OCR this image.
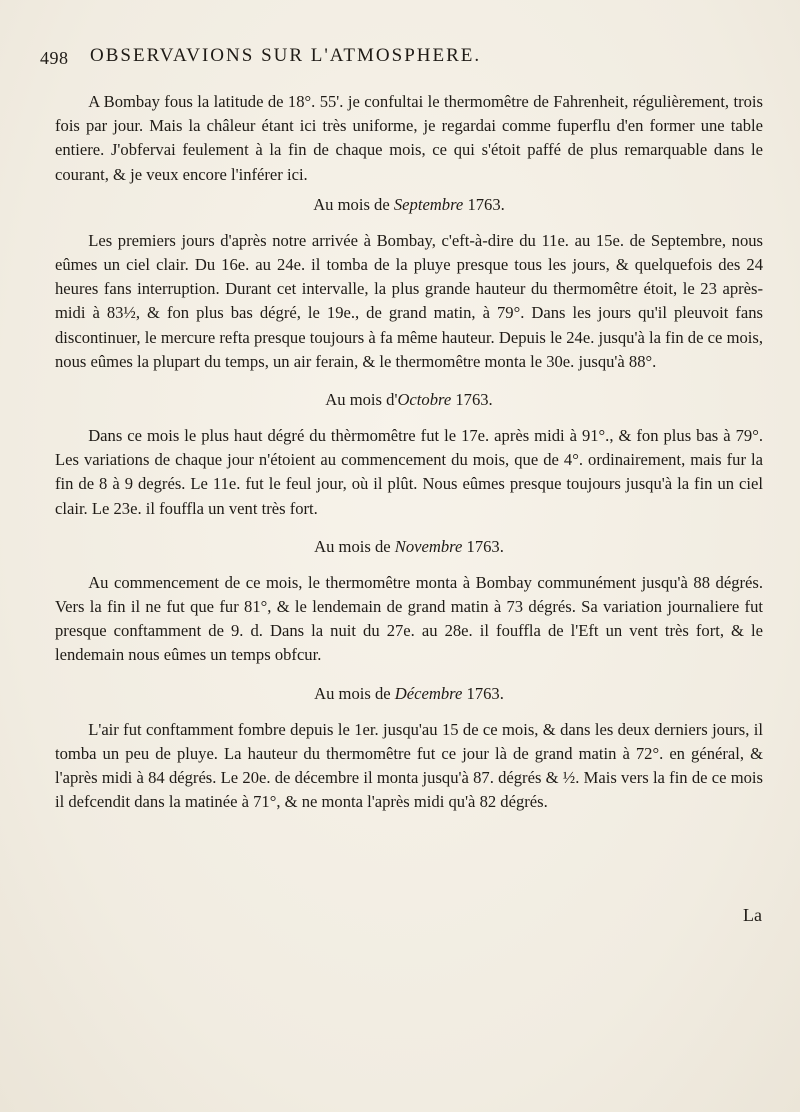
498 OBSERVAVIONS SUR L'ATMOSPHERE.

A Bombay fous la latitude de 18°. 55'. je confultai le thermomêtre de Fahrenheit, régulièrement, trois fois par jour. Mais la châleur étant ici très uniforme, je regardai comme fuperflu d'en former une table entiere. J'obfervai feulement à la fin de chaque mois, ce qui s'étoit paffé de plus remarquable dans le courant, & je veux encore l'inférer ici.

Au mois de Septembre 1763.

Les premiers jours d'après notre arrivée à Bombay, c'eft-à-dire du 11e. au 15e. de Septembre, nous eûmes un ciel clair. Du 16e. au 24e. il tomba de la pluye presque tous les jours, & quelquefois des 24 heures fans interruption. Durant cet intervalle, la plus grande hauteur du thermomêtre étoit, le 23 après-midi à 83½, & fon plus bas dégré, le 19e., de grand matin, à 79°. Dans les jours qu'il pleuvoit fans discontinuer, le mercure refta presque toujours à fa même hauteur. Depuis le 24e. jusqu'à la fin de ce mois, nous eûmes la plupart du temps, un air ferain, & le thermomêtre monta le 30e. jusqu'à 88°.

Au mois d'Octobre 1763.

Dans ce mois le plus haut dégré du thèrmomêtre fut le 17e. après midi à 91°., & fon plus bas à 79°. Les variations de chaque jour n'étoient au commencement du mois, que de 4°. ordinairement, mais fur la fin de 8 à 9 degrés. Le 11e. fut le feul jour, où il plût. Nous eûmes presque toujours jusqu'à la fin un ciel clair. Le 23e. il fouffla un vent très fort.

Au mois de Novembre 1763.

Au commencement de ce mois, le thermomêtre monta à Bombay communément jusqu'à 88 dégrés. Vers la fin il ne fut que fur 81°, & le lendemain de grand matin à 73 dégrés. Sa variation journaliere fut presque conftamment de 9. d. Dans la nuit du 27e. au 28e. il fouffla de l'Eft un vent très fort, & le lendemain nous eûmes un temps obfcur.

Au mois de Décembre 1763.

L'air fut conftamment fombre depuis le 1er. jusqu'au 15 de ce mois, & dans les deux derniers jours, il tomba un peu de pluye. La hauteur du thermomêtre fut ce jour là de grand matin à 72°. en général, & l'après midi à 84 dégrés. Le 20e. de décembre il monta jusqu'à 87. dégrés & ½. Mais vers la fin de ce mois il defcendit dans la matinée à 71°, & ne monta l'après midi qu'à 82 dégrés.

La
